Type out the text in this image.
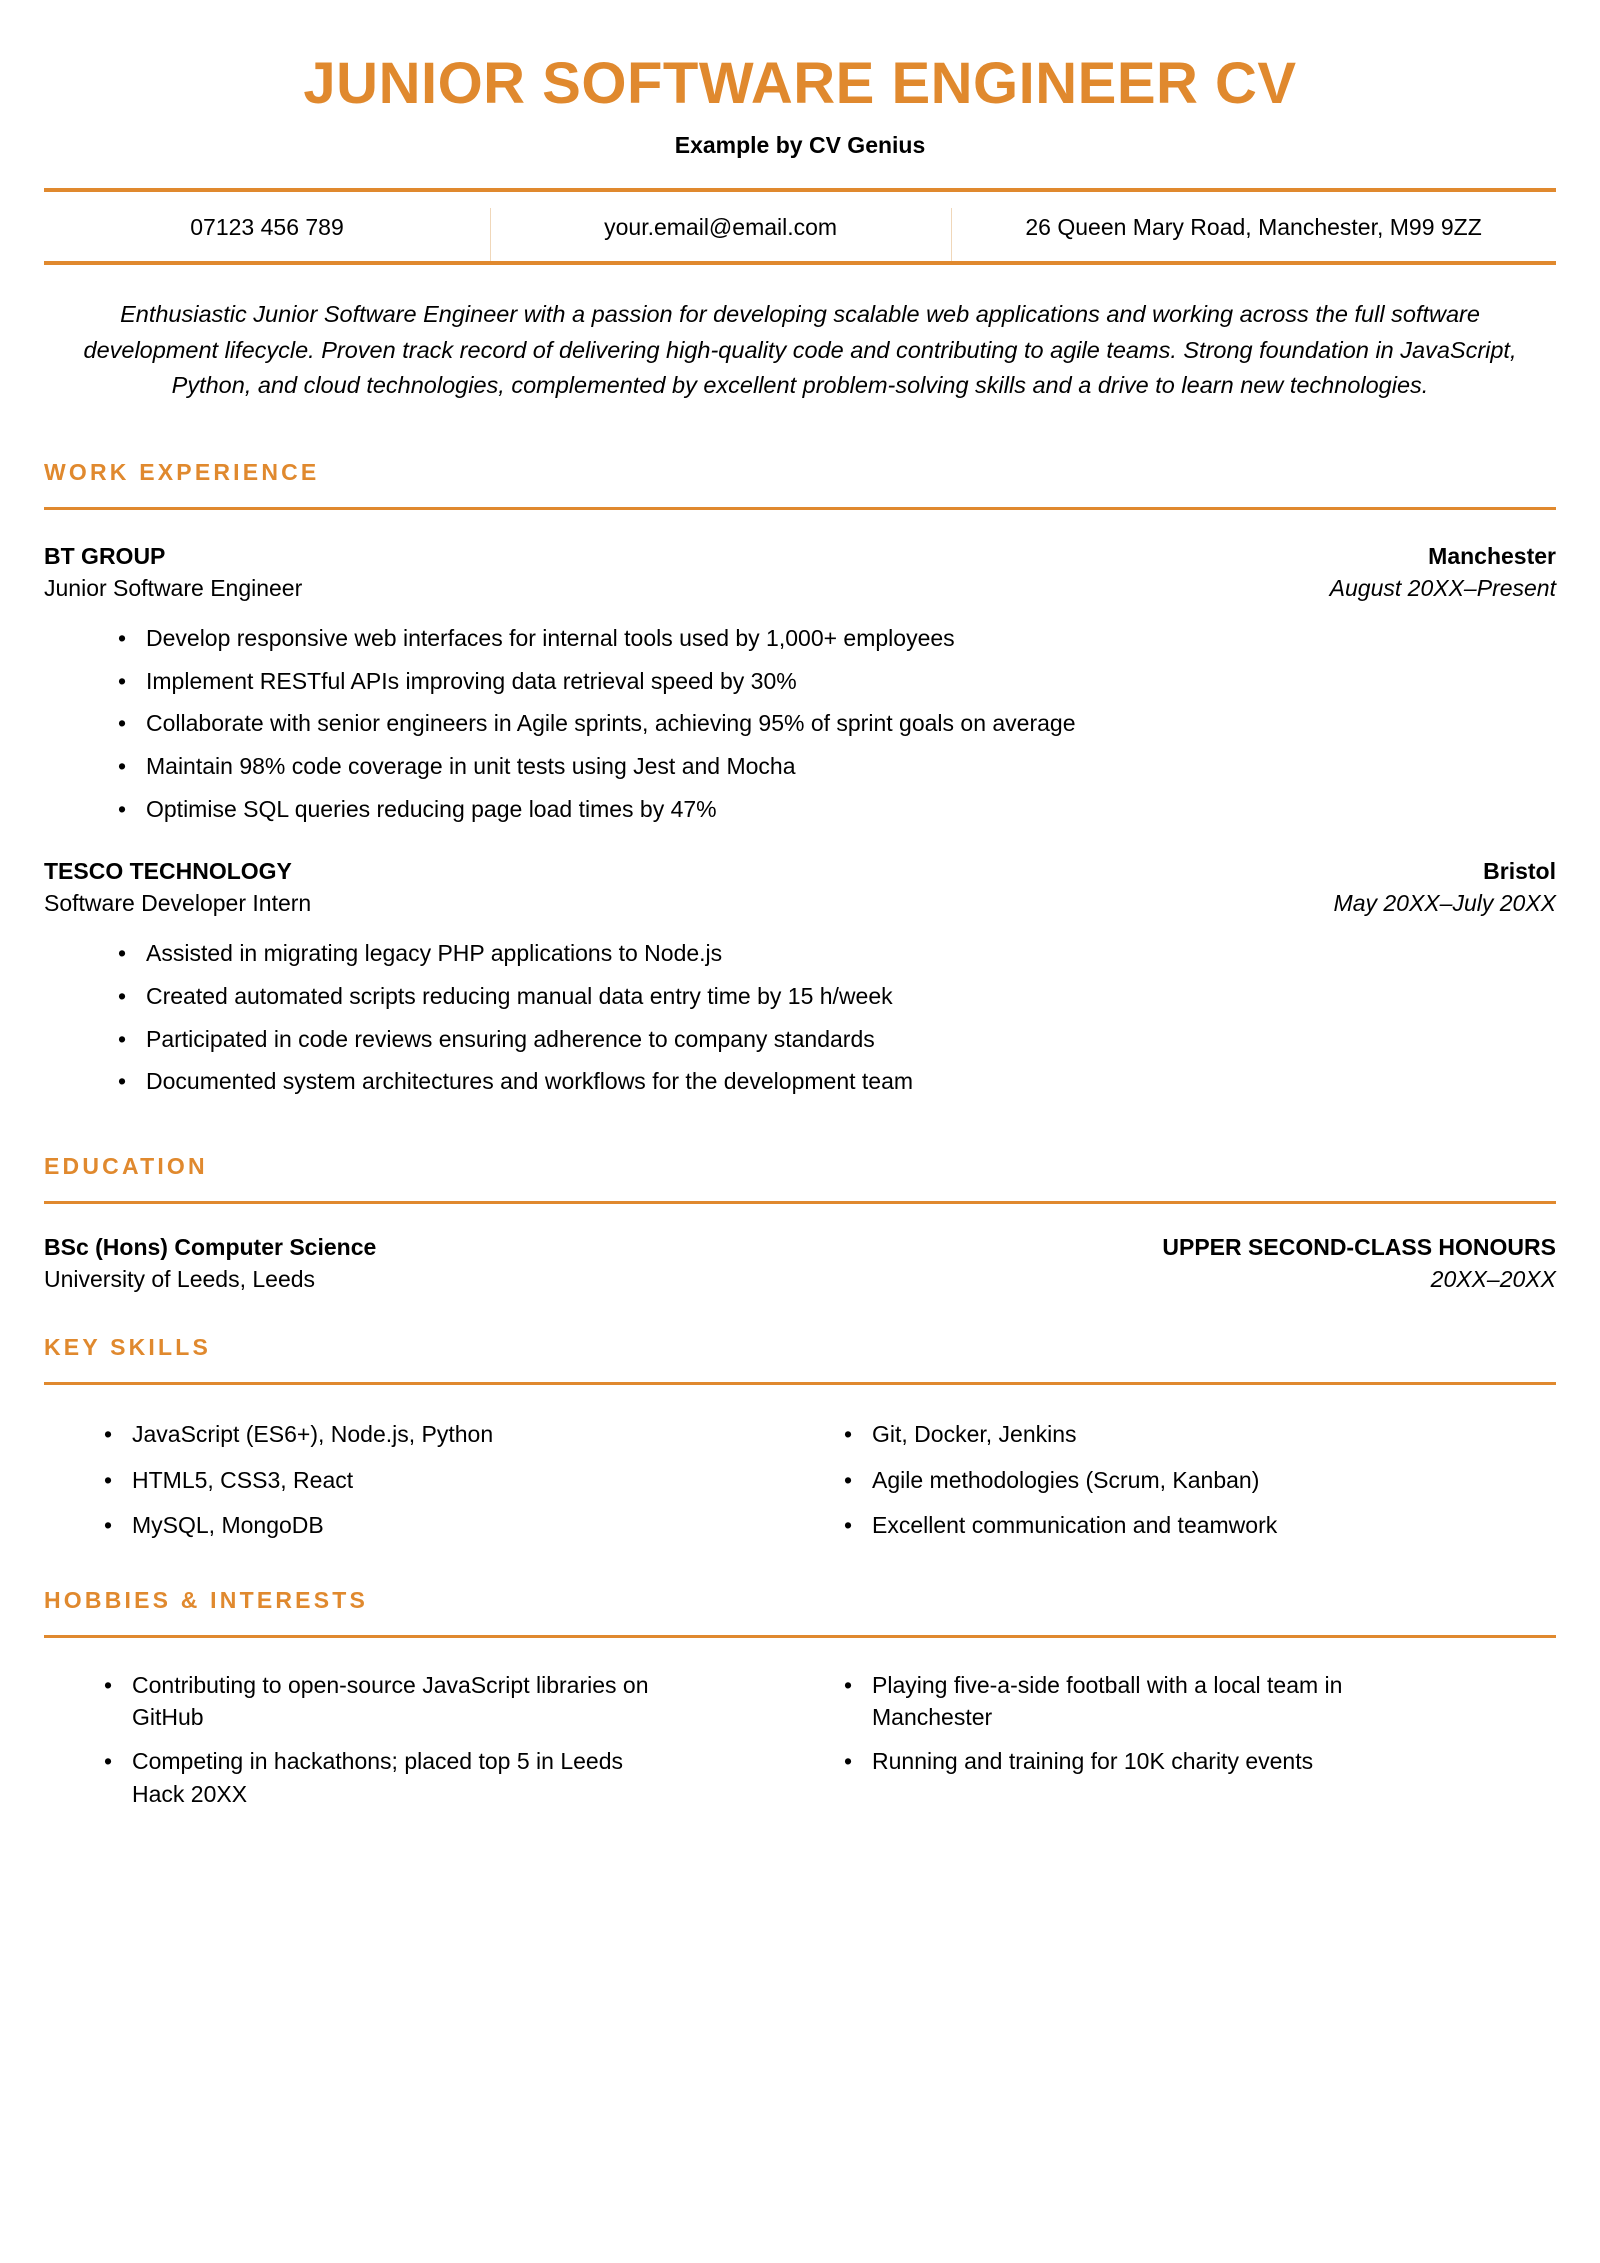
JUNIOR SOFTWARE ENGINEER CV
Example by CV Genius
07123 456 789	your.email@email.com	26 Queen Mary Road, Manchester, M99 9ZZ
Enthusiastic Junior Software Engineer with a passion for developing scalable web applications and working across the full software development lifecycle. Proven track record of delivering high-quality code and contributing to agile teams. Strong foundation in JavaScript, Python, and cloud technologies, complemented by excellent problem-solving skills and a drive to learn new technologies.
WORK EXPERIENCE
BT GROUP	Manchester
Junior Software Engineer	August 20XX–Present
• Develop responsive web interfaces for internal tools used by 1,000+ employees
• Implement RESTful APIs improving data retrieval speed by 30%
• Collaborate with senior engineers in Agile sprints, achieving 95% of sprint goals on average
• Maintain 98% code coverage in unit tests using Jest and Mocha
• Optimise SQL queries reducing page load times by 47%
TESCO TECHNOLOGY	Bristol
Software Developer Intern	May 20XX–July 20XX
• Assisted in migrating legacy PHP applications to Node.js
• Created automated scripts reducing manual data entry time by 15 h/week
• Participated in code reviews ensuring adherence to company standards
• Documented system architectures and workflows for the development team
EDUCATION
BSc (Hons) Computer Science	UPPER SECOND-CLASS HONOURS
University of Leeds, Leeds	20XX–20XX
KEY SKILLS
• JavaScript (ES6+), Node.js, Python
• HTML5, CSS3, React
• MySQL, MongoDB
• Git, Docker, Jenkins
• Agile methodologies (Scrum, Kanban)
• Excellent communication and teamwork
HOBBIES & INTERESTS
• Contributing to open-source JavaScript libraries on GitHub
• Competing in hackathons; placed top 5 in Leeds Hack 20XX
• Playing five-a-side football with a local team in Manchester
• Running and training for 10K charity events
